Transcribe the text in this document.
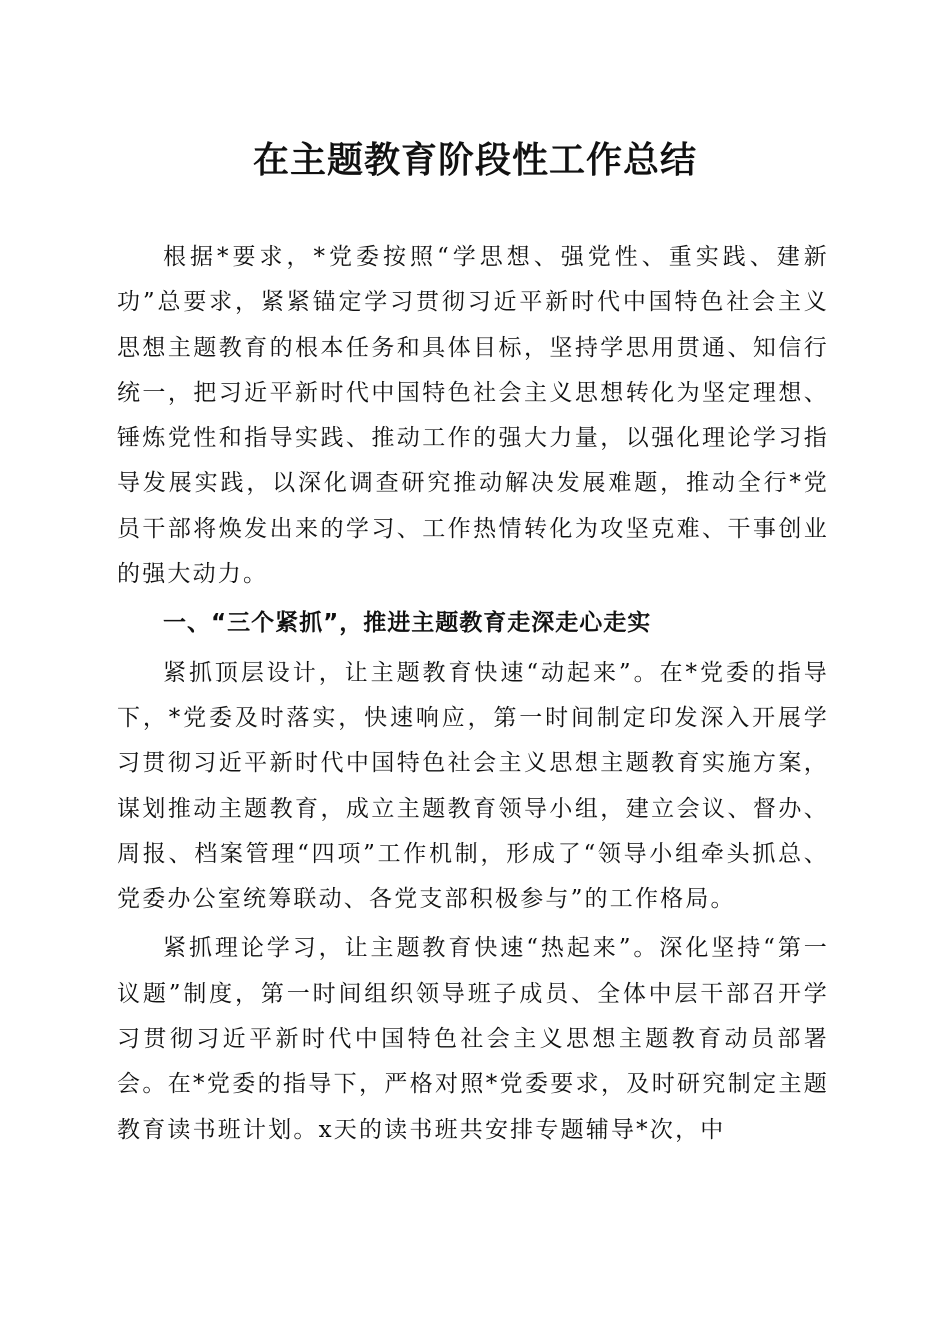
在主题教育阶段性工作总结

根据*要求，*党委按照“学思想、强党性、重实践、建新功”总要求，紧紧锚定学习贯彻习近平新时代中国特色社会主义思想主题教育的根本任务和具体目标，坚持学思用贯通、知信行统一，把习近平新时代中国特色社会主义思想转化为坚定理想、锤炼党性和指导实践、推动工作的强大力量，以强化理论学习指导发展实践，以深化调查研究推动解决发展难题，推动全行*党员干部将焕发出来的学习、工作热情转化为攻坚克难、干事创业的强大动力。

一、“三个紧抓”，推进主题教育走深走心走实

紧抓顶层设计，让主题教育快速“动起来”。在*党委的指导下，*党委及时落实，快速响应，第一时间制定印发深入开展学习贯彻习近平新时代中国特色社会主义思想主题教育实施方案，谋划推动主题教育，成立主题教育领导小组，建立会议、督办、周报、档案管理“四项”工作机制，形成了“领导小组牵头抓总、党委办公室统筹联动、各党支部积极参与”的工作格局。

紧抓理论学习，让主题教育快速“热起来”。深化坚持“第一议题”制度，第一时间组织领导班子成员、全体中层干部召开学习贯彻习近平新时代中国特色社会主义思想主题教育动员部署会。在*党委的指导下，严格对照*党委要求，及时研究制定主题教育读书班计划。x天的读书班共安排专题辅导*次，中
